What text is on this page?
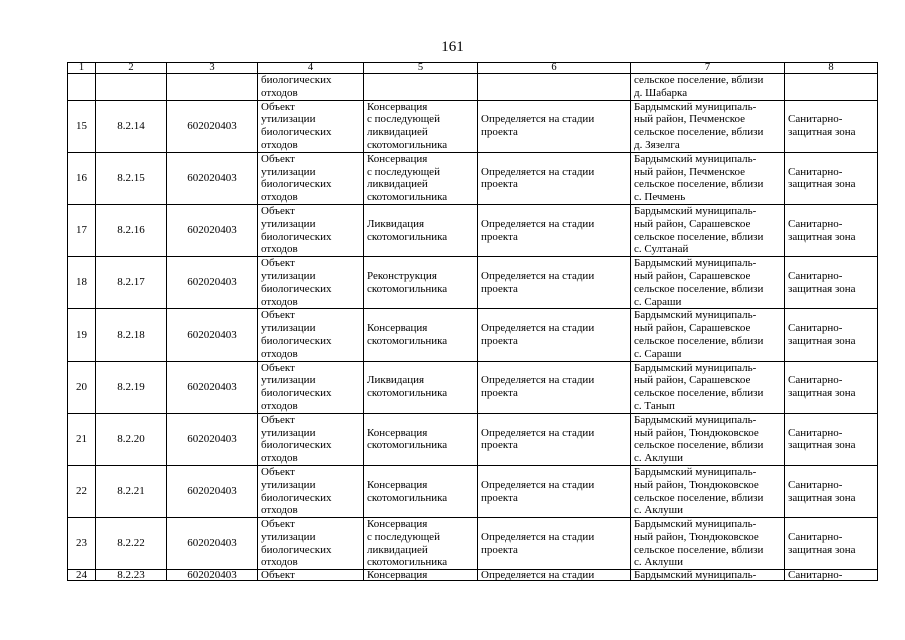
161
1	2	3	4	5	6	7	8
			биологических
отходов			сельское поселение, вблизи
д. Шабарка	
15	8.2.14	602020403	Объект
утилизации
биологических
отходов	Консервация
с последующей
ликвидацией
скотомогильника	Определяется на стадии
проекта	Бардымский муниципаль-
ный район, Печменское
сельское поселение, вблизи
д. Зязелга	Санитарно-
защитная зона
16	8.2.15	602020403	Объект
утилизации
биологических
отходов	Консервация
с последующей
ликвидацией
скотомогильника	Определяется на стадии
проекта	Бардымский муниципаль-
ный район, Печменское
сельское поселение, вблизи
с. Печмень	Санитарно-
защитная зона
17	8.2.16	602020403	Объект
утилизации
биологических
отходов	Ликвидация
скотомогильника	Определяется на стадии
проекта	Бардымский муниципаль-
ный район, Сарашевское
сельское поселение, вблизи
с. Султанай	Санитарно-
защитная зона
18	8.2.17	602020403	Объект
утилизации
биологических
отходов	Реконструкция
скотомогильника	Определяется на стадии
проекта	Бардымский муниципаль-
ный район, Сарашевское
сельское поселение, вблизи
с. Сараши	Санитарно-
защитная зона
19	8.2.18	602020403	Объект
утилизации
биологических
отходов	Консервация
скотомогильника	Определяется на стадии
проекта	Бардымский муниципаль-
ный район, Сарашевское
сельское поселение, вблизи
с. Сараши	Санитарно-
защитная зона
20	8.2.19	602020403	Объект
утилизации
биологических
отходов	Ликвидация
скотомогильника	Определяется на стадии
проекта	Бардымский муниципаль-
ный район, Сарашевское
сельское поселение, вблизи
с. Танып	Санитарно-
защитная зона
21	8.2.20	602020403	Объект
утилизации
биологических
отходов	Консервация
скотомогильника	Определяется на стадии
проекта	Бардымский муниципаль-
ный район, Тюндюковское
сельское поселение, вблизи
с. Аклуши	Санитарно-
защитная зона
22	8.2.21	602020403	Объект
утилизации
биологических
отходов	Консервация
скотомогильника	Определяется на стадии
проекта	Бардымский муниципаль-
ный район, Тюндюковское
сельское поселение, вблизи
с. Аклуши	Санитарно-
защитная зона
23	8.2.22	602020403	Объект
утилизации
биологических
отходов	Консервация
с последующей
ликвидацией
скотомогильника	Определяется на стадии
проекта	Бардымский муниципаль-
ный район, Тюндюковское
сельское поселение, вблизи
с. Аклуши	Санитарно-
защитная зона
24	8.2.23	602020403	Объект	Консервация	Определяется на стадии	Бардымский муниципаль-	Санитарно-
